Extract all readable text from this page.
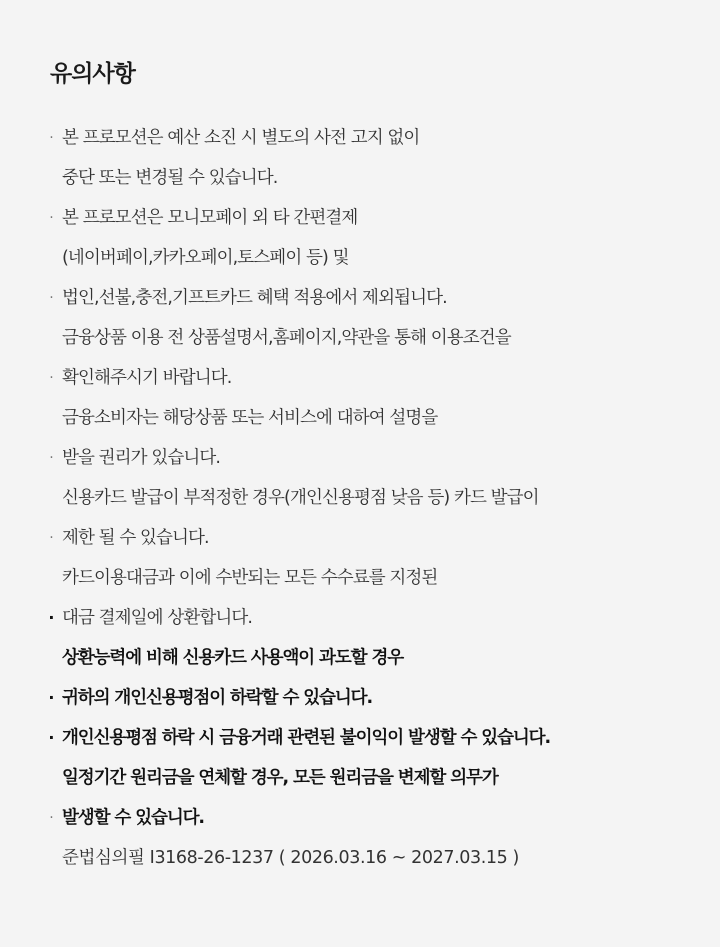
유의사항
· 본 프로모션은 예산 소진 시 별도의 사전 고지 없이
중단 또는 변경될 수 있습니다.
· 본 프로모션은 모니모페이 외 타 간편결제
(네이버페이,카카오페이,토스페이 등) 및
· 법인,선불,충전,기프트카드 혜택 적용에서 제외됩니다.
금융상품 이용 전 상품설명서,홈페이지,약관을 통해 이용조건을
· 확인해주시기 바랍니다.
금융소비자는 해당상품 또는 서비스에 대하여 설명을
· 받을 권리가 있습니다.
신용카드 발급이 부적정한 경우(개인신용평점 낮음 등) 카드 발급이
· 제한 될 수 있습니다.
카드이용대금과 이에 수반되는 모든 수수료를 지정된
· 대금 결제일에 상환합니다.
상환능력에 비해 신용카드 사용액이 과도할 경우
· 귀하의 개인신용평점이 하락할 수 있습니다.
· 개인신용평점 하락 시 금융거래 관련된 불이익이 발생할 수 있습니다.
일정기간 원리금을 연체할 경우, 모든 원리금을 변제할 의무가
· 발생할 수 있습니다.
준법심의필 I3168-26-1237 ( 2026.03.16 ~ 2027.03.15 )
